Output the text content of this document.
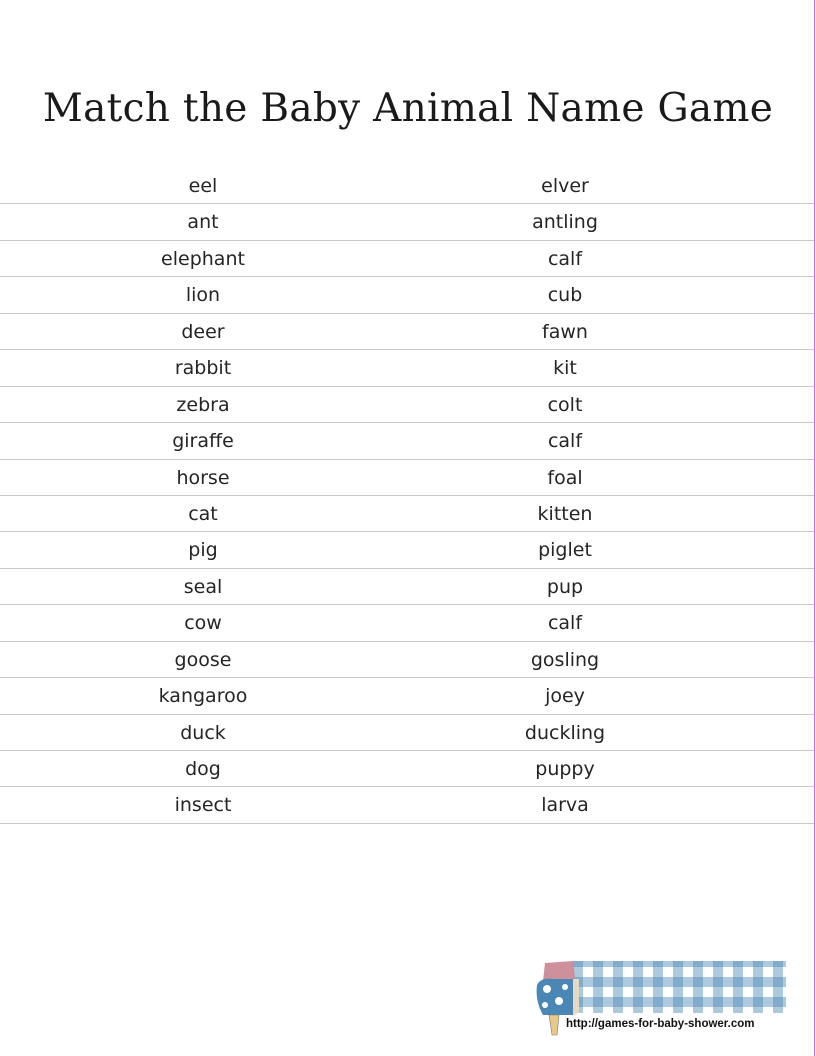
Match the Baby Animal Name Game
eel	elver
ant	antling
elephant	calf
lion	cub
deer	fawn
rabbit	kit
zebra	colt
giraffe	calf
horse	foal
cat	kitten
pig	piglet
seal	pup
cow	calf
goose	gosling
kangaroo	joey
duck	duckling
dog	puppy
insect	larva
http://games-for-baby-shower.com
